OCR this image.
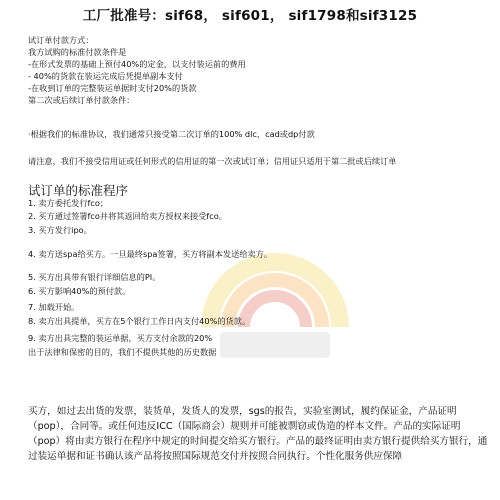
工厂批准号：sif68， sif601， sif1798和sif3125
试订单付款方式：
我方试购的标准付款条件是
-在形式发票的基础上预付40%的定金，以支付装运前的费用
- 40%的货款在装运完成后凭提单副本支付
-在收到订单的完整装运单据时支付20%的货款
第二次或后续订单付款条件：
·根据我们的标准协议，我们通常只接受第二次订单的100% dlc，cad或dp付款
请注意，我们不接受信用证或任何形式的信用证的第一次或试订单；信用证只适用于第二批或后续订单
试订单的标准程序
1. 卖方委托发行fco；
2. 买方通过签署fco并将其返回给卖方授权来接受fco。
3. 买方发行ipo。
4. 卖方送spa给买方。一旦最终spa签署，买方将副本发送给卖方。
5. 买方出具带有银行详细信息的PI。
6. 买方影响40%的预付款。
7. 加载开始。
8. 卖方出具提单，买方在5个银行工作日内支付40%的货款。
9. 卖方出具完整的装运单据，买方支付余款的20%
出于法律和保密的目的，我们不提供其他的历史数据
买方，如过去出货的发票，装货单，发货人的发票，sgs的报告，实验室测试，履约保证金，产品证明（pop），合同等。或任何违反ICC（国际商会）规则并可能被剽窃或伪造的样本文件。产品的实际证明（pop）将由卖方银行在程序中规定的时间提交给买方银行。产品的最终证明由卖方银行提供给买方银行，通过装运单据和证书确认该产品将按照国际规范交付并按照合同执行。个性化服务供应保障
